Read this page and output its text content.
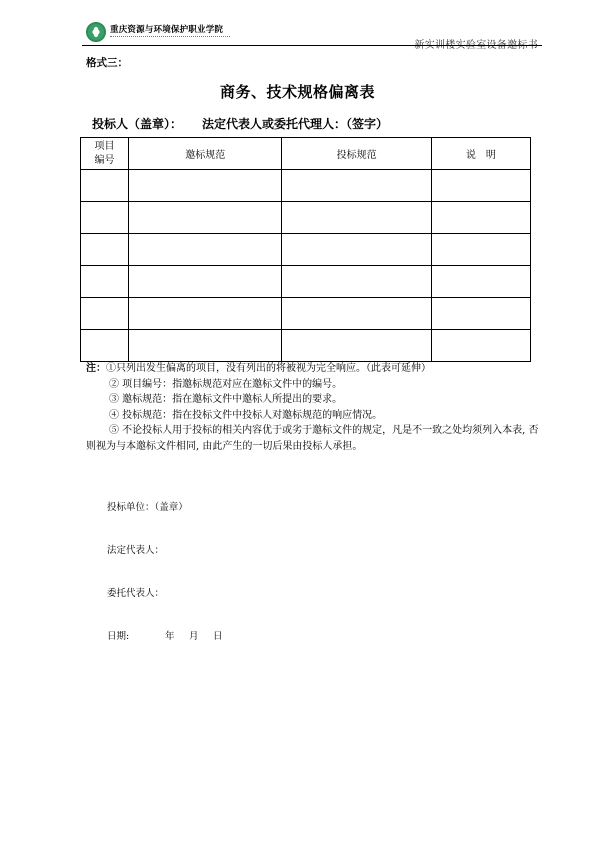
重庆资源与环境保护职业学院
新实训楼实验室设备邀标书
格式三：
商务、技术规格偏离表
投标人（盖章）： 法定代表人或委托代理人：（签字）
项目
编号	邀标规范	投标规范	说　明

注：①只列出发生偏离的项目，没有列出的将被视为完全响应。（此表可延伸）
② 项目编号：指邀标规范对应在邀标文件中的编号。
③ 邀标规范：指在邀标文件中邀标人所提出的要求。
④ 投标规范：指在投标文件中投标人对邀标规范的响应情况。
⑤ 不论投标人用于投标的相关内容优于或劣于邀标文件的规定，凡是不一致之处均须列入本表, 否则视为与本邀标文件相同, 由此产生的一切后果由投标人承担。
投标单位：（盖章）
法定代表人：
委托代表人：
日期:	年 月 日
